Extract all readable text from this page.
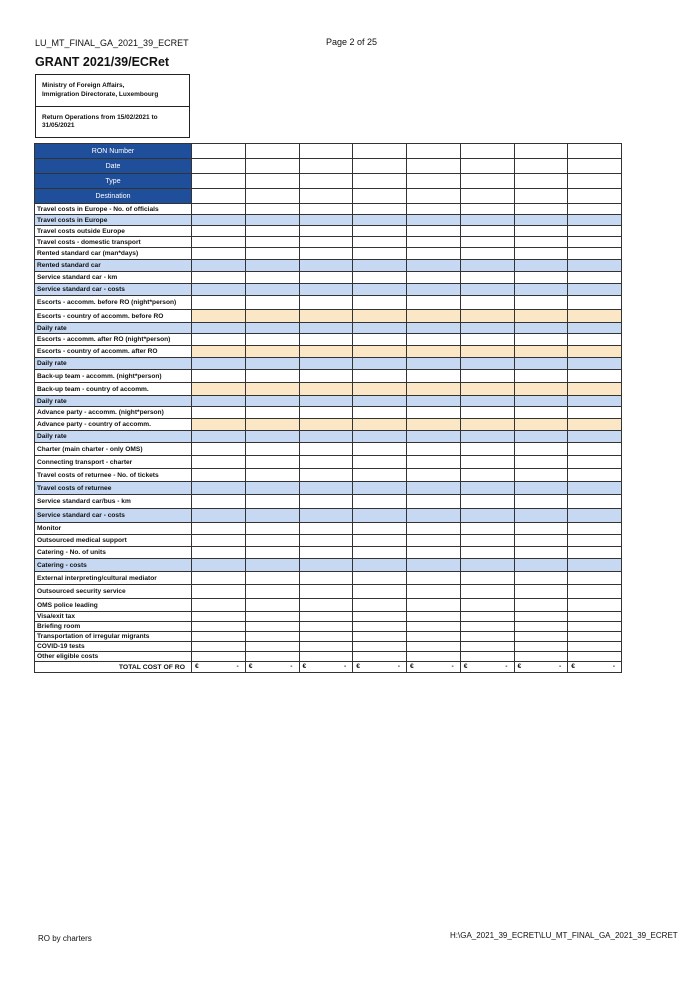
LU_MT_FINAL_GA_2021_39_ECRET	Page 2 of 25
GRANT 2021/39/ECRet
Ministry of Foreign Affairs,
Immigration Directorate, Luxembourg
Return Operations from 15/02/2021 to
31/05/2021
RON Number								
Date								
Type								
Destination								
Travel costs in Europe - No. of officials								
Travel costs in Europe								
Travel costs outside Europe								
Travel costs - domestic transport								
Rented standard car (man*days)								
Rented standard car								
Service standard car - km								
Service standard car - costs								
Escorts - accomm. before RO (night*person)								
Escorts - country of accomm. before RO								
Daily rate								
Escorts - accomm. after RO (night*person)								
Escorts - country of accomm. after RO								
Daily rate								
Back-up team - accomm. (night*person)								
Back-up team - country of accomm.								
Daily rate								
Advance party - accomm. (night*person)								
Advance party - country of accomm.								
Daily rate								
Charter (main charter - only OMS)								
Connecting transport - charter								
Travel costs of returnee - No. of tickets								
Travel costs of returnee								
Service standard car/bus - km								
Service standard car - costs								
Monitor								
Outsourced medical support								
Catering - No. of units								
Catering - costs								
External interpreting/cultural mediator								
Outsourced security service								
OMS police leading								
Visa/exit tax								
Briefing room								
Transportation of irregular migrants								
COVID-19 tests								
Other eligible costs								
TOTAL COST OF RO	€ -	€ -	€ -	€ -	€ -	€ -	€ -	€ -
RO by charters	H:\GA_2021_39_ECRET\LU_MT_FINAL_GA_2021_39_ECRET
